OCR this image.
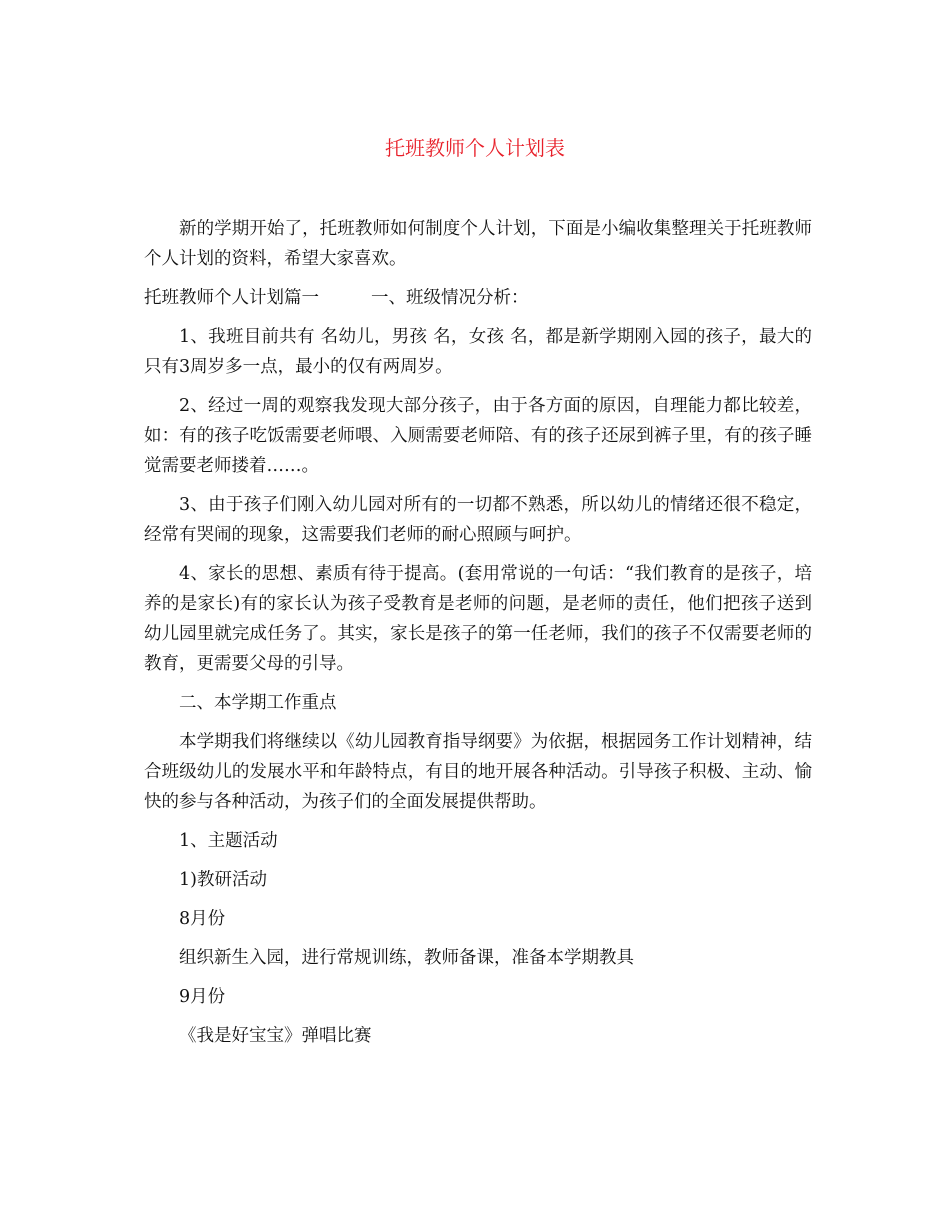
托班教师个人计划表

新的学期开始了，托班教师如何制度个人计划，下面是小编收集整理关于托班教师个人计划的资料，希望大家喜欢。

托班教师个人计划篇一	一、班级情况分析：

1、我班目前共有 名幼儿，男孩 名，女孩 名，都是新学期刚入园的孩子，最大的只有3周岁多一点，最小的仅有两周岁。

2、经过一周的观察我发现大部分孩子，由于各方面的原因，自理能力都比较差，如：有的孩子吃饭需要老师喂、入厕需要老师陪、有的孩子还尿到裤子里，有的孩子睡觉需要老师搂着……。

3、由于孩子们刚入幼儿园对所有的一切都不熟悉，所以幼儿的情绪还很不稳定，经常有哭闹的现象，这需要我们老师的耐心照顾与呵护。

4、家长的思想、素质有待于提高。(套用常说的一句话：“我们教育的是孩子，培养的是家长)有的家长认为孩子受教育是老师的问题，是老师的责任，他们把孩子送到幼儿园里就完成任务了。其实，家长是孩子的第一任老师，我们的孩子不仅需要老师的教育，更需要父母的引导。

二、本学期工作重点

本学期我们将继续以《幼儿园教育指导纲要》为依据，根据园务工作计划精神，结合班级幼儿的发展水平和年龄特点，有目的地开展各种活动。引导孩子积极、主动、愉快的参与各种活动，为孩子们的全面发展提供帮助。

1、主题活动

1)教研活动

8月份

组织新生入园，进行常规训练，教师备课，准备本学期教具

9月份

《我是好宝宝》弹唱比赛
